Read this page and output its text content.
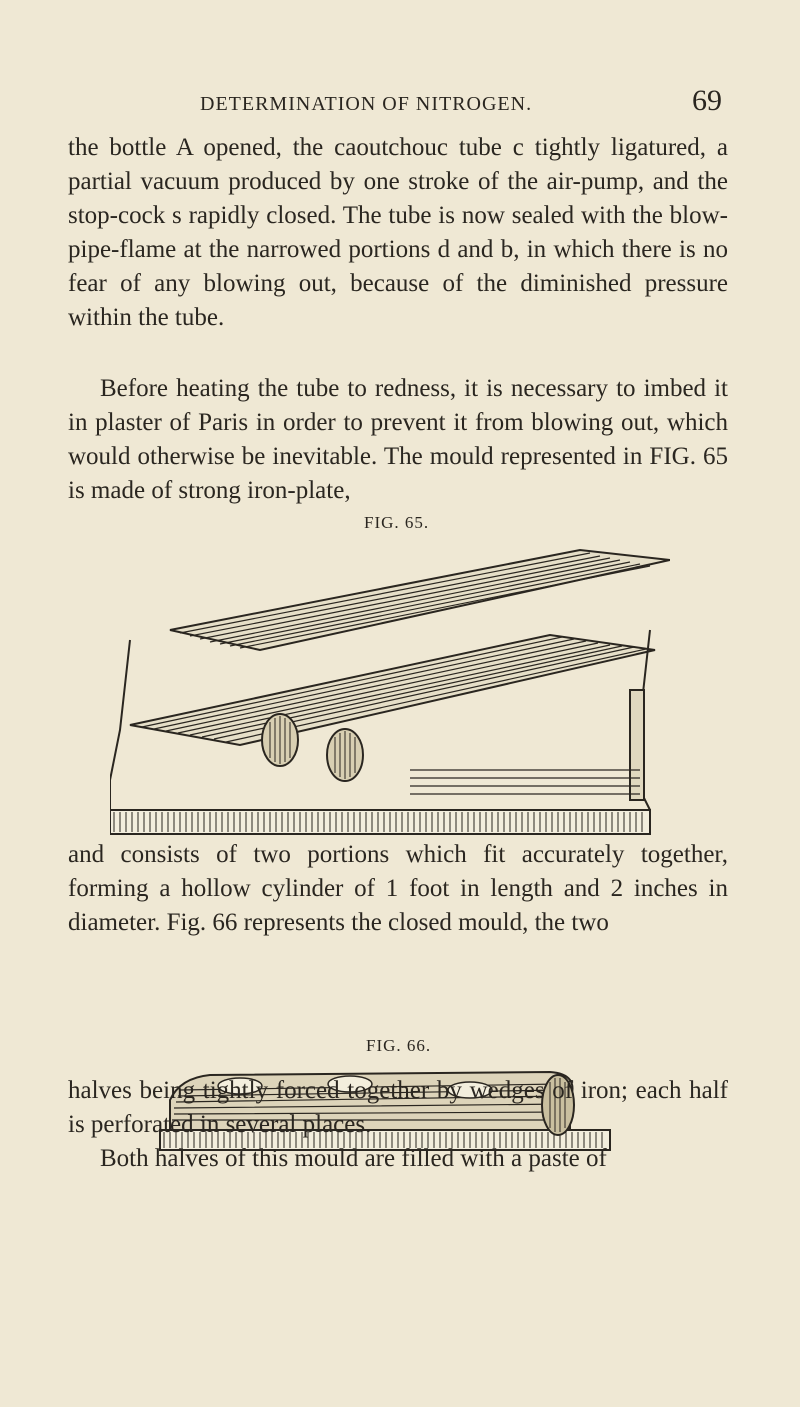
DETERMINATION OF NITROGEN.	69

the bottle A opened, the caoutchouc tube c tightly ligatured, a partial vacuum produced by one stroke of the air-pump, and the stop-cock s rapidly closed. The tube is now sealed with the blow-pipe-flame at the narrowed portions d and b, in which there is no fear of any blowing out, because of the diminished pressure within the tube.

Before heating the tube to redness, it is necessary to imbed it in plaster of Paris in order to prevent it from blowing out, which would otherwise be inevitable. The mould represented in FIG. 65 is made of strong iron-plate,

FIG. 65.

and consists of two portions which fit accurately together, forming a hollow cylinder of 1 foot in length and 2 inches in diameter. Fig. 66 represents the closed mould, the two

FIG. 66.

halves being tightly forced together by wedges of iron; each half is perforated in several places.

Both halves of this mould are filled with a paste of
